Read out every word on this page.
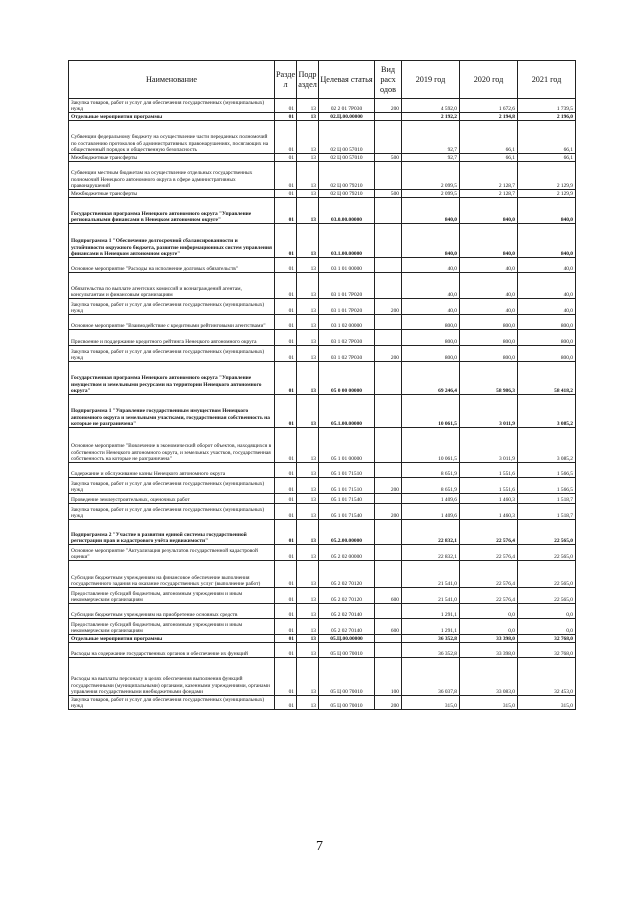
Наименование	Разде л	Подр аздел	Целевая статья	Вид расх одов	2019 год	2020 год	2021 год
Закупка товаров, работ и услуг для обеспечения государственных (муниципальных) нужд	01	13	02 2 01 7Р030	200	4 592,0	1 672,6	1 739,5
Отдельные мероприятия программы	01	13	02.Ц.00.00000		2 192,2	2 194,8	2 196,0
Субвенции федеральному бюджету на осуществление части переданных полномочий по составлению протоколов об административных правонарушениях, посягающих на общественный порядок и общественную безопасность	01	13	02 Ц 00 57010		92,7	66,1	66,1
Межбюджетные трансферты	01	13	02 Ц 00 57010	500	92,7	66,1	66,1
Субвенции местным бюджетам на осуществление отдельных государственных полномочий Ненецкого автономного округа в сфере административных правонарушений	01	13	02 Ц 00 79210		2 099,5	2 128,7	2 129,9
Межбюджетные трансферты	01	13	02 Ц 00 79210	500	2 099,5	2 128,7	2 129,9
Государственная программа Ненецкого автономного округа "Управление региональными финансами в Ненецком автономном округе"	01	13	03.0.00.00000		840,0	840,0	840,0
Подпрограмма 1 "Обеспечение долгосрочной сбалансированности и устойчивости окружного бюджета, развитие информационных систем управления финансами в Ненецком автономном округе"	01	13	03.1.00.00000		840,0	840,0	840,0
Основное мероприятие "Расходы на исполнение долговых обязательств"	01	13	03 1 01 00000		40,0	40,0	40,0
Обязательства по выплате агентских комиссий и вознаграждений агентам, консультантам и финансовым организациям	01	13	03 1 01 7Р020		40,0	40,0	40,0
Закупка товаров, работ и услуг для обеспечения государственных (муниципальных) нужд	01	13	03 1 01 7Р020	200	40,0	40,0	40,0
Основное мероприятие "Взаимодействие с кредитными рейтинговыми агентствами"	01	13	03 1 02 00000		800,0	800,0	800,0
Присвоение и поддержание кредитного рейтинга Ненецкого автономного округа	01	13	03 1 02 7Р030		800,0	800,0	800,0
Закупка товаров, работ и услуг для обеспечения государственных (муниципальных) нужд	01	13	03 1 02 7Р030	200	800,0	800,0	800,0
Государственная программа Ненецкого автономного округа "Управление имуществом и земельными ресурсами на территории Ненецкого автономного округа"	01	13	05 0 00 00000		69 246,4	58 986,3	58 418,2
Подпрограмма 1 "Управление государственным имуществом Ненецкого автономного округа и земельными участками, государственная собственность на которые не разграничена"	01	13	05.1.00.00000		10 061,5	3 011,9	3 085,2
Основное мероприятие "Вовлечение в экономический оборот объектов, находящихся в собственности Ненецкого автономного округа, и земельных участков, государственная собственность на которые не разграничена"	01	13	05 1 01 00000		10 061,5	3 011,9	3 085,2
Содержание и обслуживание казны Ненецкого автономного округа	01	13	05 1 01 71510		8 651,9	1 551,6	1 566,5
Закупка товаров, работ и услуг для обеспечения государственных (муниципальных) нужд	01	13	05 1 01 71510	200	8 651,9	1 551,6	1 566,5
Проведение землеустроительных, оценочных работ	01	13	05 1 01 71540		1 409,6	1 460,3	1 518,7
Закупка товаров, работ и услуг для обеспечения государственных (муниципальных) нужд	01	13	05 1 01 71540	200	1 409,6	1 460,3	1 518,7
Подпрограмма 2 "Участие в развитии единой системы государственной регистрации прав и кадастрового учёта недвижимости"	01	13	05.2.00.00000		22 832,1	22 576,4	22 565,0
Основное мероприятие "Актуализация результатов государственной кадастровой оценки"	01	13	05 2 02 00000		22 832,1	22 576,4	22 565,0
Субсидии бюджетным учреждениям на финансовое обеспечение выполнения государственного задания на оказание государственных услуг (выполнение работ)	01	13	05 2 02 70120		21 541,0	22 576,4	22 565,0
Предоставление субсидий бюджетным, автономным учреждениям и иным некоммерческим организациям	01	13	05 2 02 70120	600	21 541,0	22 576,4	22 565,0
Субсидии бюджетным учреждениям на приобретение основных средств	01	13	05 2 02 70140		1 291,1	0,0	0,0
Предоставление субсидий бюджетным, автономным учреждениям и иным некоммерческим организациям	01	13	05 2 02 70140	600	1 291,1	0,0	0,0
Отдельные мероприятия программы	01	13	05.Ц.00.00000		36 352,8	33 398,0	32 768,0
Расходы на содержание государственных органов и обеспечение их функций	01	13	05 Ц 00 70010		36 352,8	33 398,0	32 768,0
Расходы на выплаты персоналу в целях обеспечения выполнения функций государственными (муниципальными) органами, казенными учреждениями, органами управления государственными внебюджетными фондами	01	13	05 Ц 00 70010	100	36 037,8	33 083,0	32 453,0
Закупка товаров, работ и услуг для обеспечения государственных (муниципальных) нужд	01	13	05 Ц 00 70010	200	315,0	315,0	315,0
7
